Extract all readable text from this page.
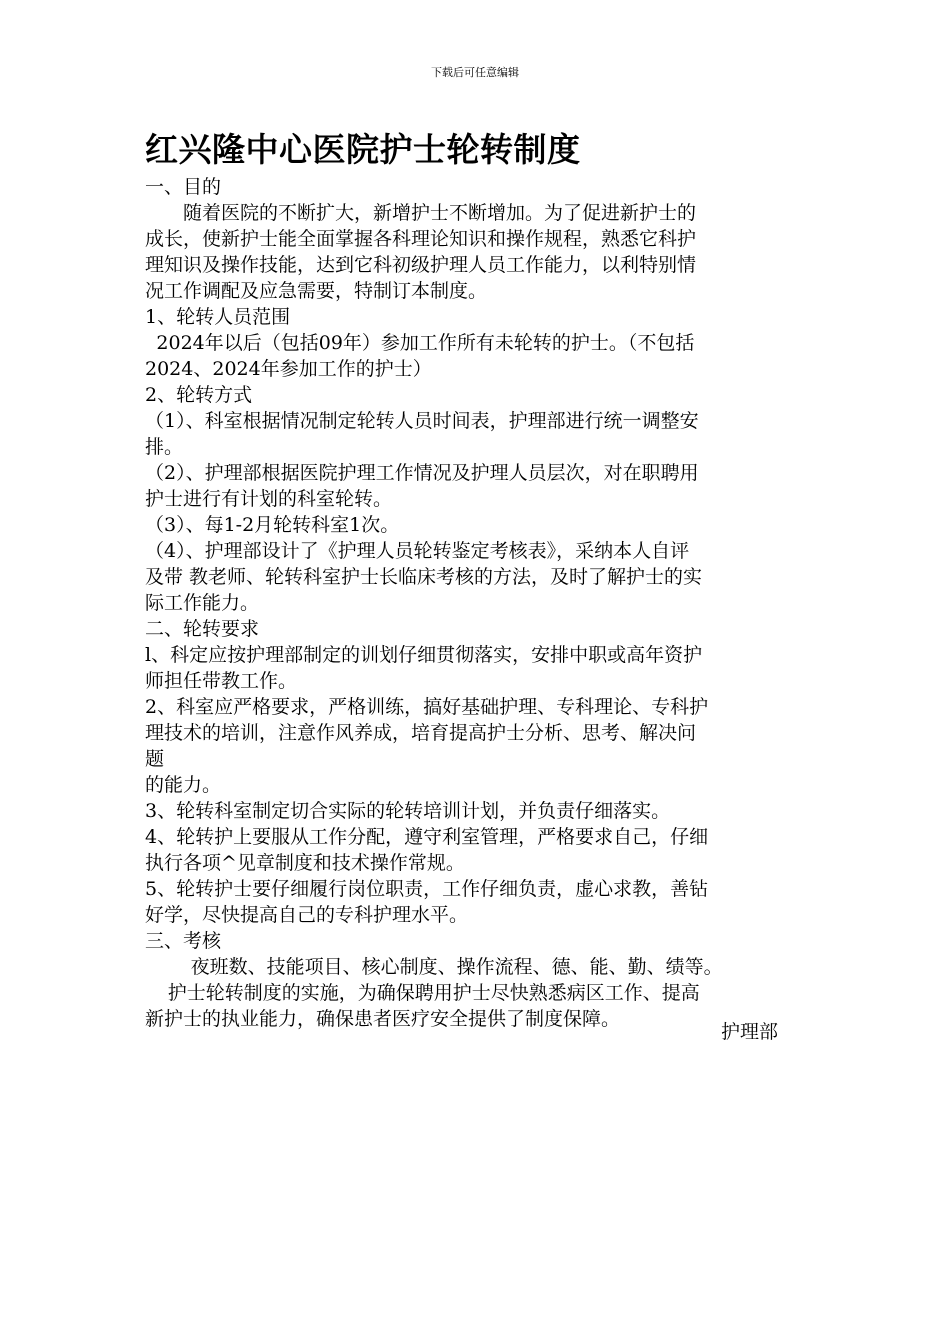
下载后可任意编辑
红兴隆中心医院护士轮转制度

一、目的

随着医院的不断扩大，新增护士不断增加。为了促进新护士的

成长，使新护士能全面掌握各科理论知识和操作规程，熟悉它科护

理知识及操作技能，达到它科初级护理人员工作能力，以利特别情

况工作调配及应急需要，特制订本制度。

1、轮转人员范围

2024年以后（包括09年）参加工作所有未轮转的护士。（不包括

2024、2024年参加工作的护士）

2、轮转方式

（1）、科室根据情况制定轮转人员时间表，护理部进行统一调整安

排。

（2）、护理部根据医院护理工作情况及护理人员层次，对在职聘用

护士进行有计划的科室轮转。

（3）、每1-2月轮转科室1次。

（4）、护理部设计了《护理人员轮转鉴定考核表》，采纳本人自评

及带 教老师、轮转科室护士长临床考核的方法，及时了解护士的实

际工作能力。

二、轮转要求

l、科定应按护理部制定的训划仔细贯彻落实，安排中职或高年资护

师担任带教工作。

2、科室应严格要求，严格训练，搞好基础护理、专科理论、专科护

理技术的培训，注意作风养成，培育提高护士分析、思考、解决问

题

的能力。

3、轮转科室制定切合实际的轮转培训计划，并负责仔细落实。

4、轮转护上要服从工作分配，遵守利室管理，严格要求自己，仔细

执行各项^见章制度和技术操作常规。

5、轮转护士要仔细履行岗位职责，工作仔细负责，虚心求教，善钻

好学，尽快提高自己的专科护理水平。

三、考核

夜班数、技能项目、核心制度、操作流程、德、能、勤、绩等。

护士轮转制度的实施，为确保聘用护士尽快熟悉病区工作、提高

新护士的执业能力，确保患者医疗安全提供了制度保障。

护理部
